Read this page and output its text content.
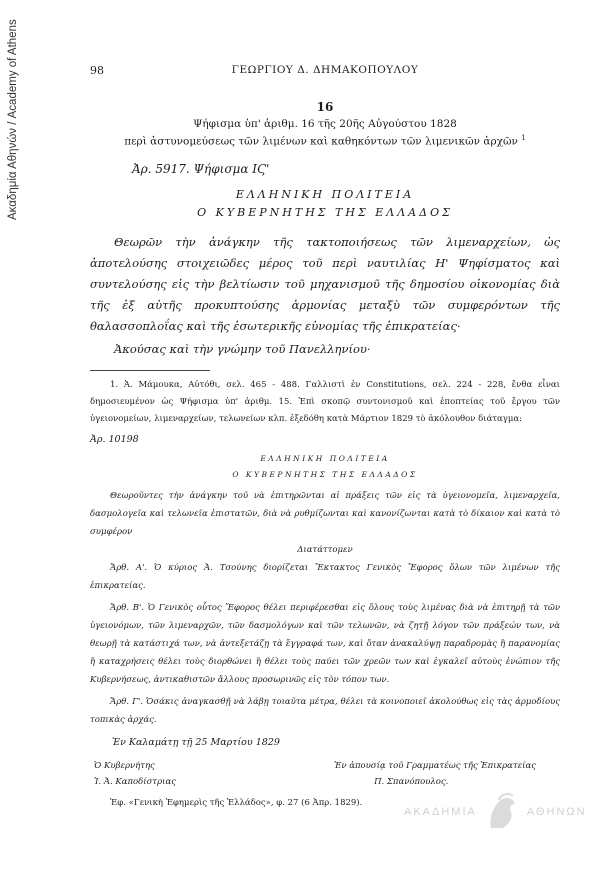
Ακαδημία Αθηνών / Academy of Athens	98	ΓΕΩΡΓΙΟΥ Δ. ΔΗΜΑΚΟΠΟΥΛΟΥ
16
Ψήφισμα ὑπ' ἀριθμ. 16 τῆς 20ῆς Αὐγούστου 1828
περὶ ἀστυνομεύσεως τῶν λιμένων καὶ καθηκόντων τῶν λιμενικῶν ἀρχῶν $^1$
Ἀρ. 5917. Ψήφισμα ΙϚ'
ΕΛΛΗΝΙΚΗ ΠΟΛΙΤΕΙΑ
Ο ΚΥΒΕΡΝΗΤΗΣ ΤΗΣ ΕΛΛΑΔΟΣ
Θεωρῶν τὴν ἀνάγκην τῆς τακτοποιήσεως τῶν λιμεναρχείων, ὡς ἀποτελούσης στοιχειῶδες μέρος τοῦ περὶ ναυτιλίας Η' Ψηφίσματος καὶ συντελούσης εἰς τὴν βελτίωσιν τοῦ μηχανισμοῦ τῆς δημοσίου οἰκονομίας διὰ τῆς ἐξ αὐτῆς προκυπτούσης ἁρμονίας μεταξὺ τῶν συμφερόντων τῆς θαλασσοπλοΐας καὶ τῆς ἐσωτερικῆς εὐνομίας τῆς ἐπικρατείας·
Ἀκούσας καὶ τὴν γνώμην τοῦ Πανελληνίου·
1. Ἀ. Μάμουκα, Αὐτόθι, σελ. 465 - 488. Γαλλιστὶ ἐν Constitutions, σελ. 224 - 228, ἔνθα εἶναι δημοσιευμένον ὡς Ψήφισμα ὑπ' ἀριθμ. 15. Ἐπὶ σκοπῷ συντονισμοῦ καὶ ἐποπτείας τοῦ ἔργου τῶν ὑγειονομείων, λιμεναρχείων, τελωνείων κλπ. ἐξεδόθη κατὰ Μάρτιον 1829 τὸ ἀκόλουθον διάταγμα:
Ἀρ. 10198
ΕΛΛΗΝΙΚΗ ΠΟΛΙΤΕΙΑ
Ο ΚΥΒΕΡΝΗΤΗΣ ΤΗΣ ΕΛΛΑΔΟΣ
Θεωροῦντες τὴν ἀνάγκην τοῦ νὰ ἐπιτηρῶνται αἱ πράξεις τῶν εἰς τὰ ὑγειονομεῖα, λιμεναρχεῖα, δασμολογεῖα καὶ τελωνεῖα ἐπιστατῶν, διὰ νὰ ρυθμίζωνται καὶ κανονίζωνται κατὰ τὸ δίκαιον καὶ κατὰ τὸ συμφέρον
Διατάττομεν
Ἄρθ. Α'. Ὁ κύριος Ἀ. Τσούνης διορίζεται Ἔκτακτος Γενικὸς Ἔφορος ὅλων τῶν λιμένων τῆς ἐπικρατείας.
Ἄρθ. Β'. Ὁ Γενικὸς οὗτος Ἔφορος θέλει περιφέρεσθαι εἰς ὅλους τοὺς λιμένας διὰ νὰ ἐπιτηρῇ τὰ τῶν ὑγειονόμων, τῶν λιμεναρχῶν, τῶν δασμολόγων καὶ τῶν τελωνῶν, νὰ ζητῇ λόγον τῶν πράξεών των, νὰ θεωρῇ τὰ κατάστιχά των, νὰ ἀντεξετάζῃ τὰ ἔγγραφά των, καὶ ὅταν ἀνακαλύψῃ παραδρομὰς ἢ παρανομίας ἢ καταχρήσεις θέλει τοὺς διορθώνει ἢ θέλει τοὺς παύει τῶν χρεῶν των καὶ ἐγκαλεῖ αὐτοὺς ἐνώπιον τῆς Κυβερνήσεως, ἀντικαθιστῶν ἄλλους προσωρινῶς εἰς τὸν τόπον των.
Ἄρθ. Γ'. Ὁσάκις ἀναγκασθῇ νὰ λάβῃ τοιαῦτα μέτρα, θέλει τὰ κοινοποιεῖ ἀκολούθως εἰς τὰς ἁρμοδίους τοπικὰς ἀρχάς.
Ἐν Καλαμάτῃ τῇ 25 Μαρτίου 1829
Ὁ Κυβερνήτης
Ἰ. Ἀ. Καποδίστριας
Ἐν ἀπουσίᾳ τοῦ Γραμματέως τῆς Ἐπικρατείας
Π. Σπανόπουλος.
Ἐφ. «Γενικὴ Ἐφημερὶς τῆς Ἑλλάδος», φ. 27 (6 Ἀπρ. 1829).
ΑΚΑΔΗΜΙΑ	ΑΘΗΝΩΝ
